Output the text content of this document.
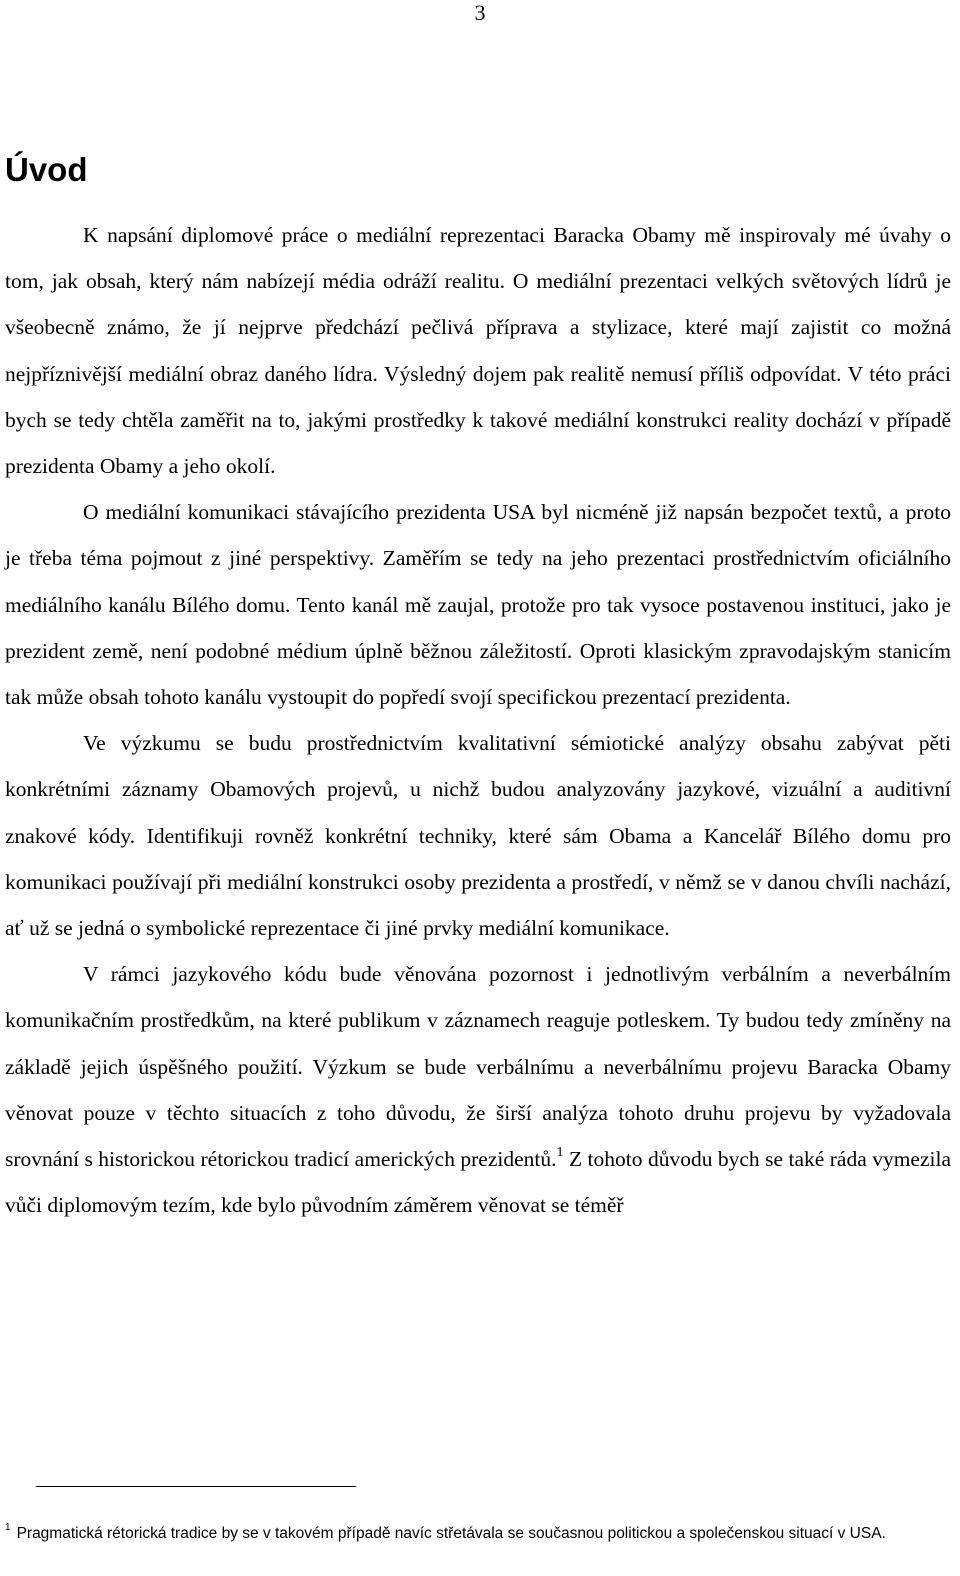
3
Úvod

K napsání diplomové práce o mediální reprezentaci Baracka Obamy mě inspirovaly mé úvahy o tom, jak obsah, který nám nabízejí média odráží realitu. O mediální prezentaci velkých světových lídrů je všeobecně známo, že jí nejprve předchází pečlivá příprava a stylizace, které mají zajistit co možná nejpříznivější mediální obraz daného lídra. Výsledný dojem pak realitě nemusí příliš odpovídat. V této práci bych se tedy chtěla zaměřit na to, jakými prostředky k takové mediální konstrukci reality dochází v případě prezidenta Obamy a jeho okolí.

O mediální komunikaci stávajícího prezidenta USA byl nicméně již napsán bezpočet textů, a proto je třeba téma pojmout z jiné perspektivy. Zaměřím se tedy na jeho prezentaci prostřednictvím oficiálního mediálního kanálu Bílého domu. Tento kanál mě zaujal, protože pro tak vysoce postavenou instituci, jako je prezident země, není podobné médium úplně běžnou záležitostí. Oproti klasickým zpravodajským stanicím tak může obsah tohoto kanálu vystoupit do popředí svojí specifickou prezentací prezidenta.

Ve výzkumu se budu prostřednictvím kvalitativní sémiotické analýzy obsahu zabývat pěti konkrétními záznamy Obamových projevů, u nichž budou analyzovány jazykové, vizuální a auditivní znakové kódy. Identifikuji rovněž konkrétní techniky, které sám Obama a Kancelář Bílého domu pro komunikaci používají při mediální konstrukci osoby prezidenta a prostředí, v němž se v danou chvíli nachází, ať už se jedná o symbolické reprezentace či jiné prvky mediální komunikace.

V rámci jazykového kódu bude věnována pozornost i jednotlivým verbálním a neverbálním komunikačním prostředkům, na které publikum v záznamech reaguje potleskem. Ty budou tedy zmíněny na základě jejich úspěšného použití. Výzkum se bude verbálnímu a neverbálnímu projevu Baracka Obamy věnovat pouze v těchto situacích z toho důvodu, že širší analýza tohoto druhu projevu by vyžadovala srovnání s historickou rétorickou tradicí amerických prezidentů.$^1$ Z tohoto důvodu bych se také ráda vymezila vůči diplomovým tezím, kde bylo původním záměrem věnovat se téměř

$^1$ Pragmatická rétorická tradice by se v takovém případě navíc střetávala se současnou politickou a společenskou situací v USA.
